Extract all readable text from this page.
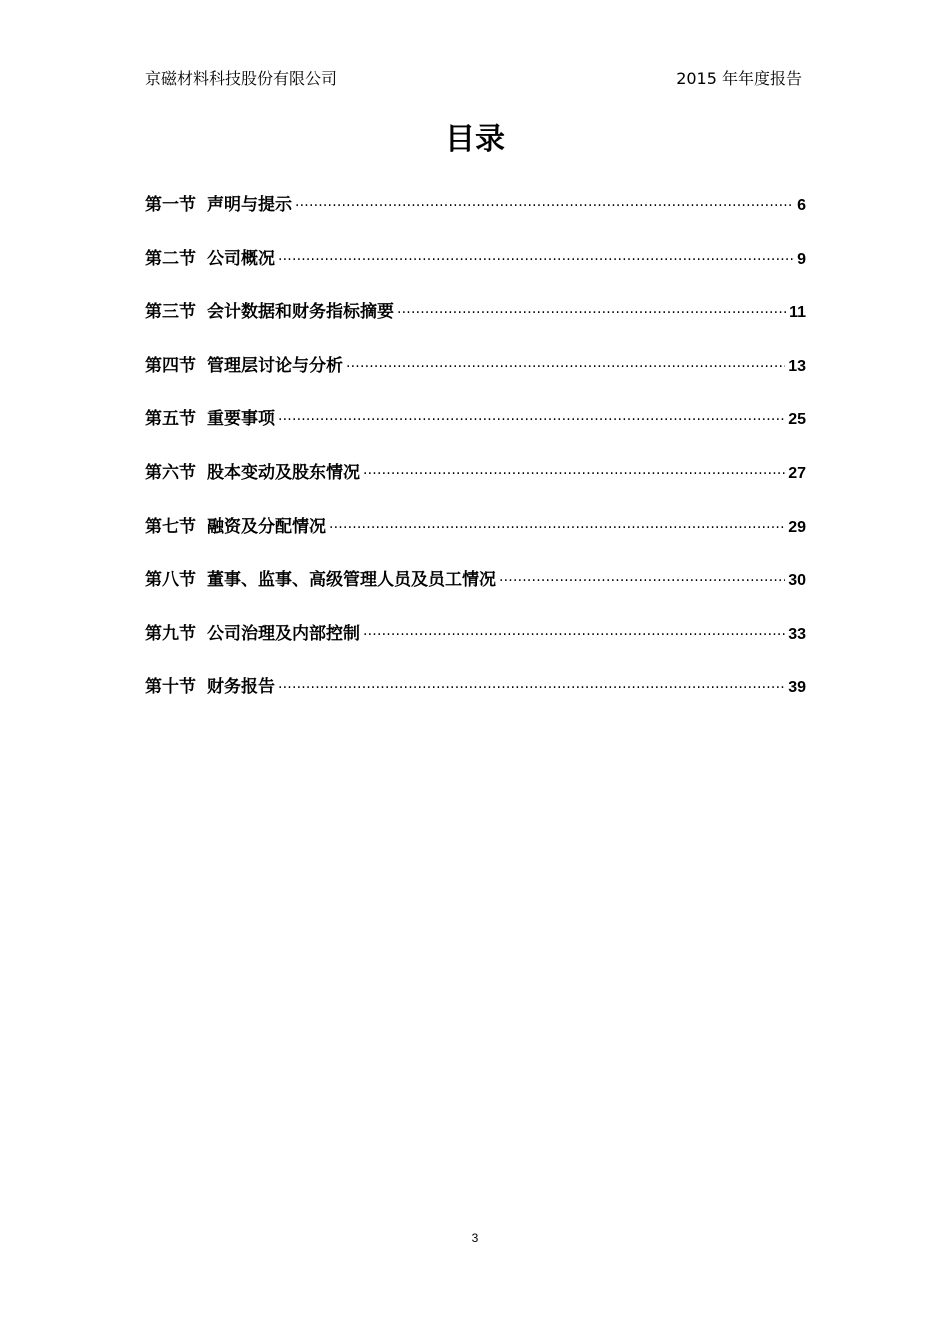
京磁材料科技股份有限公司	2015 年年度报告
目录
第一节 声明与提示 ·····	6
第二节 公司概况 ·····	9
第三节 会计数据和财务指标摘要 ·····	11
第四节 管理层讨论与分析 ·····	13
第五节 重要事项 ·····	25
第六节 股本变动及股东情况 ·····	27
第七节 融资及分配情况 ·····	29
第八节 董事、监事、高级管理人员及员工情况 ·····	30
第九节 公司治理及内部控制 ·····	33
第十节 财务报告 ·····	39
3
